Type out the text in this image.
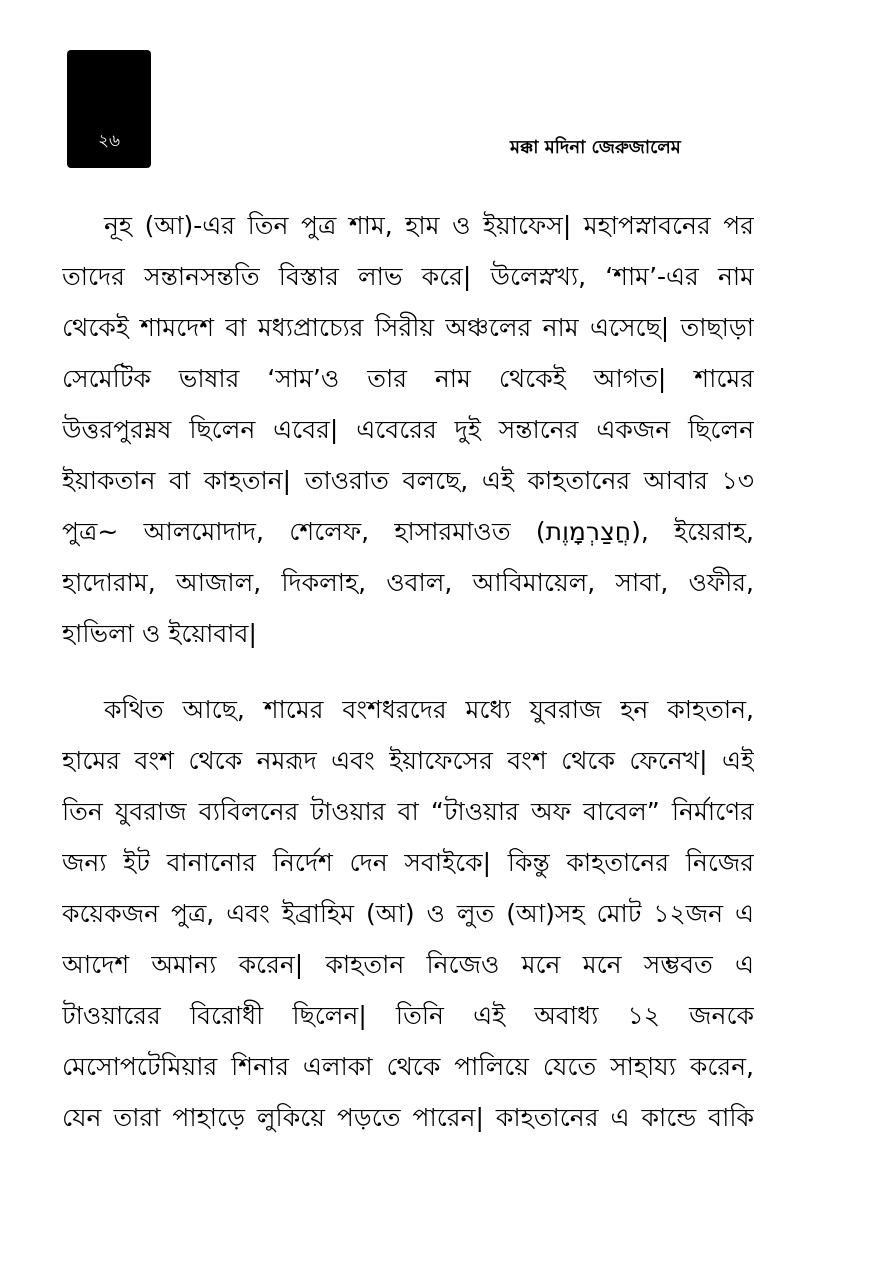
২৬	মক্কা মদিনা জেরুজালেম
নূহ (আ)-এর তিন পুত্র শাম, হাম ও ইয়াফেস| মহাপস্নাবনের পর
তাদের সন্তানসন্ততি বিস্তার লাভ করে| উলেস্নখ্য, ‘শাম’-এর নাম
থেকেই শামদেশ বা মধ্যপ্রাচ্যের সিরীয় অঞ্চলের নাম এসেছে| তাছাড়া
সেমেটিক ভাষার ‘সাম’ও তার নাম থেকেই আগত| শামের
উত্তরপুরম্নষ ছিলেন এবের| এবেরের দুই সন্তানের একজন ছিলেন
ইয়াকতান বা কাহতান| তাওরাত বলছে, এই কাহতানের আবার ১৩
পুত্র~ আলমোদাদ, শেলেফ, হাসারমাওত (חֲצַרְמָוֶת), ইয়েরাহ,
হাদোরাম, আজাল, দিকলাহ, ওবাল, আবিমায়েল, সাবা, ওফীর,
হাভিলা ও ইয়োবাব|
কথিত আছে, শামের বংশধরদের মধ্যে যুবরাজ হন কাহতান,
হামের বংশ থেকে নমরূদ এবং ইয়াফেসের বংশ থেকে ফেনেখ| এই
তিন যুবরাজ ব্যবিলনের টাওয়ার বা “টাওয়ার অফ বাবেল” নির্মাণের
জন্য ইট বানানোর নির্দেশ দেন সবাইকে| কিন্তু কাহতানের নিজের
কয়েকজন পুত্র, এবং ইব্রাহিম (আ) ও লুত (আ)সহ মোট ১২জন এ
আদেশ অমান্য করেন| কাহতান নিজেও মনে মনে সম্ভবত এ
টাওয়ারের বিরোধী ছিলেন| তিনি এই অবাধ্য ১২ জনকে
মেসোপটেমিয়ার শিনার এলাকা থেকে পালিয়ে যেতে সাহায্য করেন,
যেন তারা পাহাড়ে লুকিয়ে পড়তে পারেন| কাহতানের এ কান্ডে বাকি
